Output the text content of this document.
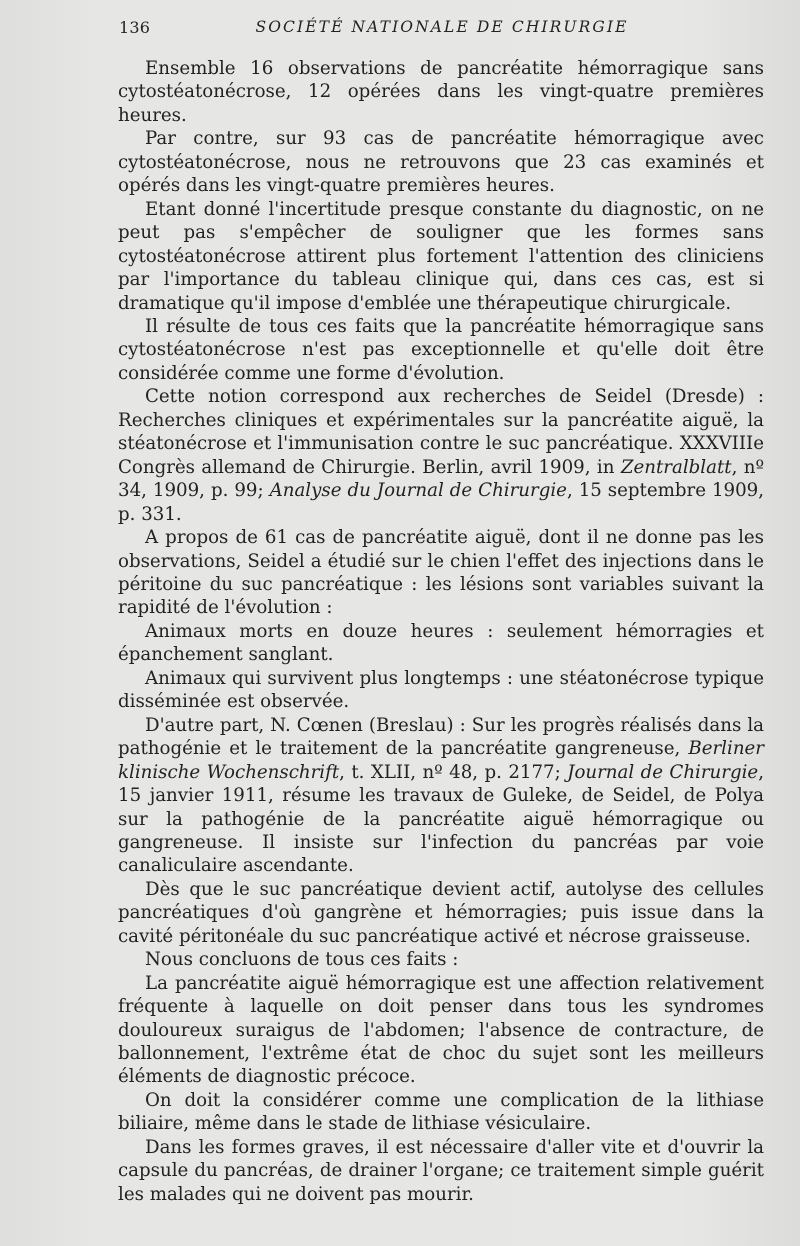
136	SOCIÉTÉ NATIONALE DE CHIRURGIE

Ensemble 16 observations de pancréatite hémorragique sans cytostéatonécrose, 12 opérées dans les vingt-quatre premières heures.

Par contre, sur 93 cas de pancréatite hémorragique avec cytostéatonécrose, nous ne retrouvons que 23 cas examinés et opérés dans les vingt-quatre premières heures.

Etant donné l'incertitude presque constante du diagnostic, on ne peut pas s'empêcher de souligner que les formes sans cytostéatonécrose attirent plus fortement l'attention des cliniciens par l'importance du tableau clinique qui, dans ces cas, est si dramatique qu'il impose d'emblée une thérapeutique chirurgicale.

Il résulte de tous ces faits que la pancréatite hémorragique sans cytostéatonécrose n'est pas exceptionnelle et qu'elle doit être considérée comme une forme d'évolution.

Cette notion correspond aux recherches de Seidel (Dresde) : Recherches cliniques et expérimentales sur la pancréatite aiguë, la stéatonécrose et l'immunisation contre le suc pancréatique. XXXVIIIe Congrès allemand de Chirurgie. Berlin, avril 1909, in Zentralblatt, nº 34, 1909, p. 99; Analyse du Journal de Chirurgie, 15 septembre 1909, p. 331.

A propos de 61 cas de pancréatite aiguë, dont il ne donne pas les observations, Seidel a étudié sur le chien l'effet des injections dans le péritoine du suc pancréatique : les lésions sont variables suivant la rapidité de l'évolution :

Animaux morts en douze heures : seulement hémorragies et épanchement sanglant.

Animaux qui survivent plus longtemps : une stéatonécrose typique disséminée est observée.

D'autre part, N. Cœnen (Breslau) : Sur les progrès réalisés dans la pathogénie et le traitement de la pancréatite gangreneuse, Berliner klinische Wochenschrift, t. XLII, nº 48, p. 2177; Journal de Chirurgie, 15 janvier 1911, résume les travaux de Guleke, de Seidel, de Polya sur la pathogénie de la pancréatite aiguë hémorragique ou gangreneuse. Il insiste sur l'infection du pancréas par voie canaliculaire ascendante.

Dès que le suc pancréatique devient actif, autolyse des cellules pancréatiques d'où gangrène et hémorragies; puis issue dans la cavité péritonéale du suc pancréatique activé et nécrose graisseuse.

Nous concluons de tous ces faits :

La pancréatite aiguë hémorragique est une affection relativement fréquente à laquelle on doit penser dans tous les syndromes douloureux suraigus de l'abdomen; l'absence de contracture, de ballonnement, l'extrême état de choc du sujet sont les meilleurs éléments de diagnostic précoce.

On doit la considérer comme une complication de la lithiase biliaire, même dans le stade de lithiase vésiculaire.

Dans les formes graves, il est nécessaire d'aller vite et d'ouvrir la capsule du pancréas, de drainer l'organe; ce traitement simple guérit les malades qui ne doivent pas mourir.
